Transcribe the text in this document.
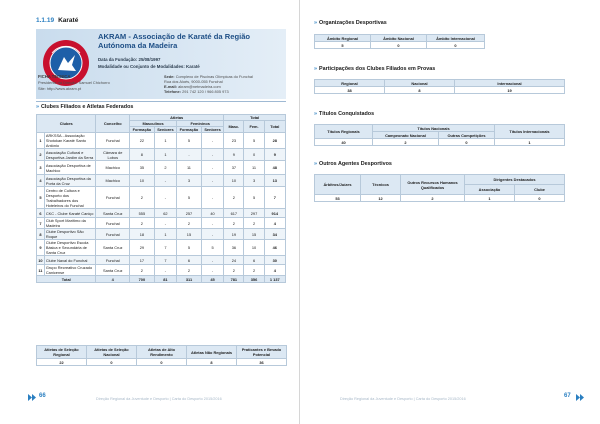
1.1.19 Karaté
AKRAM - Associação de Karaté da Região Autónoma da Madeira
Data da Fundação: 25/08/1997
Modalidade ou Conjunto de Modalidades: Karaté
FICHA TÉCNICA
Presidente da Direção: Samuel Chichorro
Site: http://www.akram.pt
Sede: Complexo de Piscinas Olímpicas do Funchal
Rua dos Aloés, 9000-055 Funchal
E-mail: akram@netmadeira.com
Telefone: 291 742 120 / 966 805 973
» Clubes Filiados e Atletas Federados
Clubes		Concelho	Atletas				Total		
			Masculinos		Femininos		Masc.	Fem.	Total
			Formação	Seniores	Formação	Seniores			
1	ARKSSA - Associação Shotokan Karaté Santo António	Funchal	22	1	5	-	23	5	28
2	Associação Cultural e Desportiva Jardim da Serra	Câmara de Lobos	8	1	-	-	9	0	9
3	Associação Desportiva de Machico	Machico	35	2	11	-	37	11	48
4	Associação Desportiva da Porta da Cruz	Machico	10	-	3	-	10	3	13
5	Centro de Cultura e Desporto dos Trabalhadores dos Hoteleiros do Funchal	Funchal	2	-	5	-	2	5	7
6	CKC - Clube Karaté Caniço	Santa Cruz	555	62	257	40	617	297	914
7	Club Sport Marítimo da Madeira	Funchal	2	-	2	-	2	2	4
8	Clube Desportivo São Roque	Funchal	18	1	15	-	19	15	34
9	Clube Desportivo Escola Básica e Secundária de Santa Cruz	Santa Cruz	29	7	5	5	36	10	46
10	Clube Naval do Funchal	Funchal	17	7	6	-	24	6	30
11	Grupo Recreativo Cruzado Canicense	Santa Cruz	2	-	2	-	2	2	4
Total		4	700	81	311	45	781	356	1 137
Atletas de Seleção Regional	Atletas de Seleção Nacional	Atletas de Alto Rendimento	Atletas Não Regionais	Praticantes e Bevado Potencial
22	0	0	8	36
66	Direção Regional da Juventude e Desporto | Carta do Desporto 2015/2016
» Organizações Desportivas
Âmbito Regional	Âmbito Nacional	Âmbito Internacional
5	0	0
» Participações dos Clubes Filiados em Provas
Regional	Nacional	Internacional
38	8	19
» Títulos Conquistados
Títulos Regionais	Títulos Nacionais		Títulos Internacionais
	Campeonato Nacional	Outras Competições	
40	2	0	1
» Outros Agentes Desportivos
Árbitros/Juízes	Técnicos	Outros Recursos Humanos Qualificados	Dirigentes Destacados	
			Associação	Clube
53	12	2	1	0
Direção Regional da Juventude e Desporto | Carta do Desporto 2015/2016	67
